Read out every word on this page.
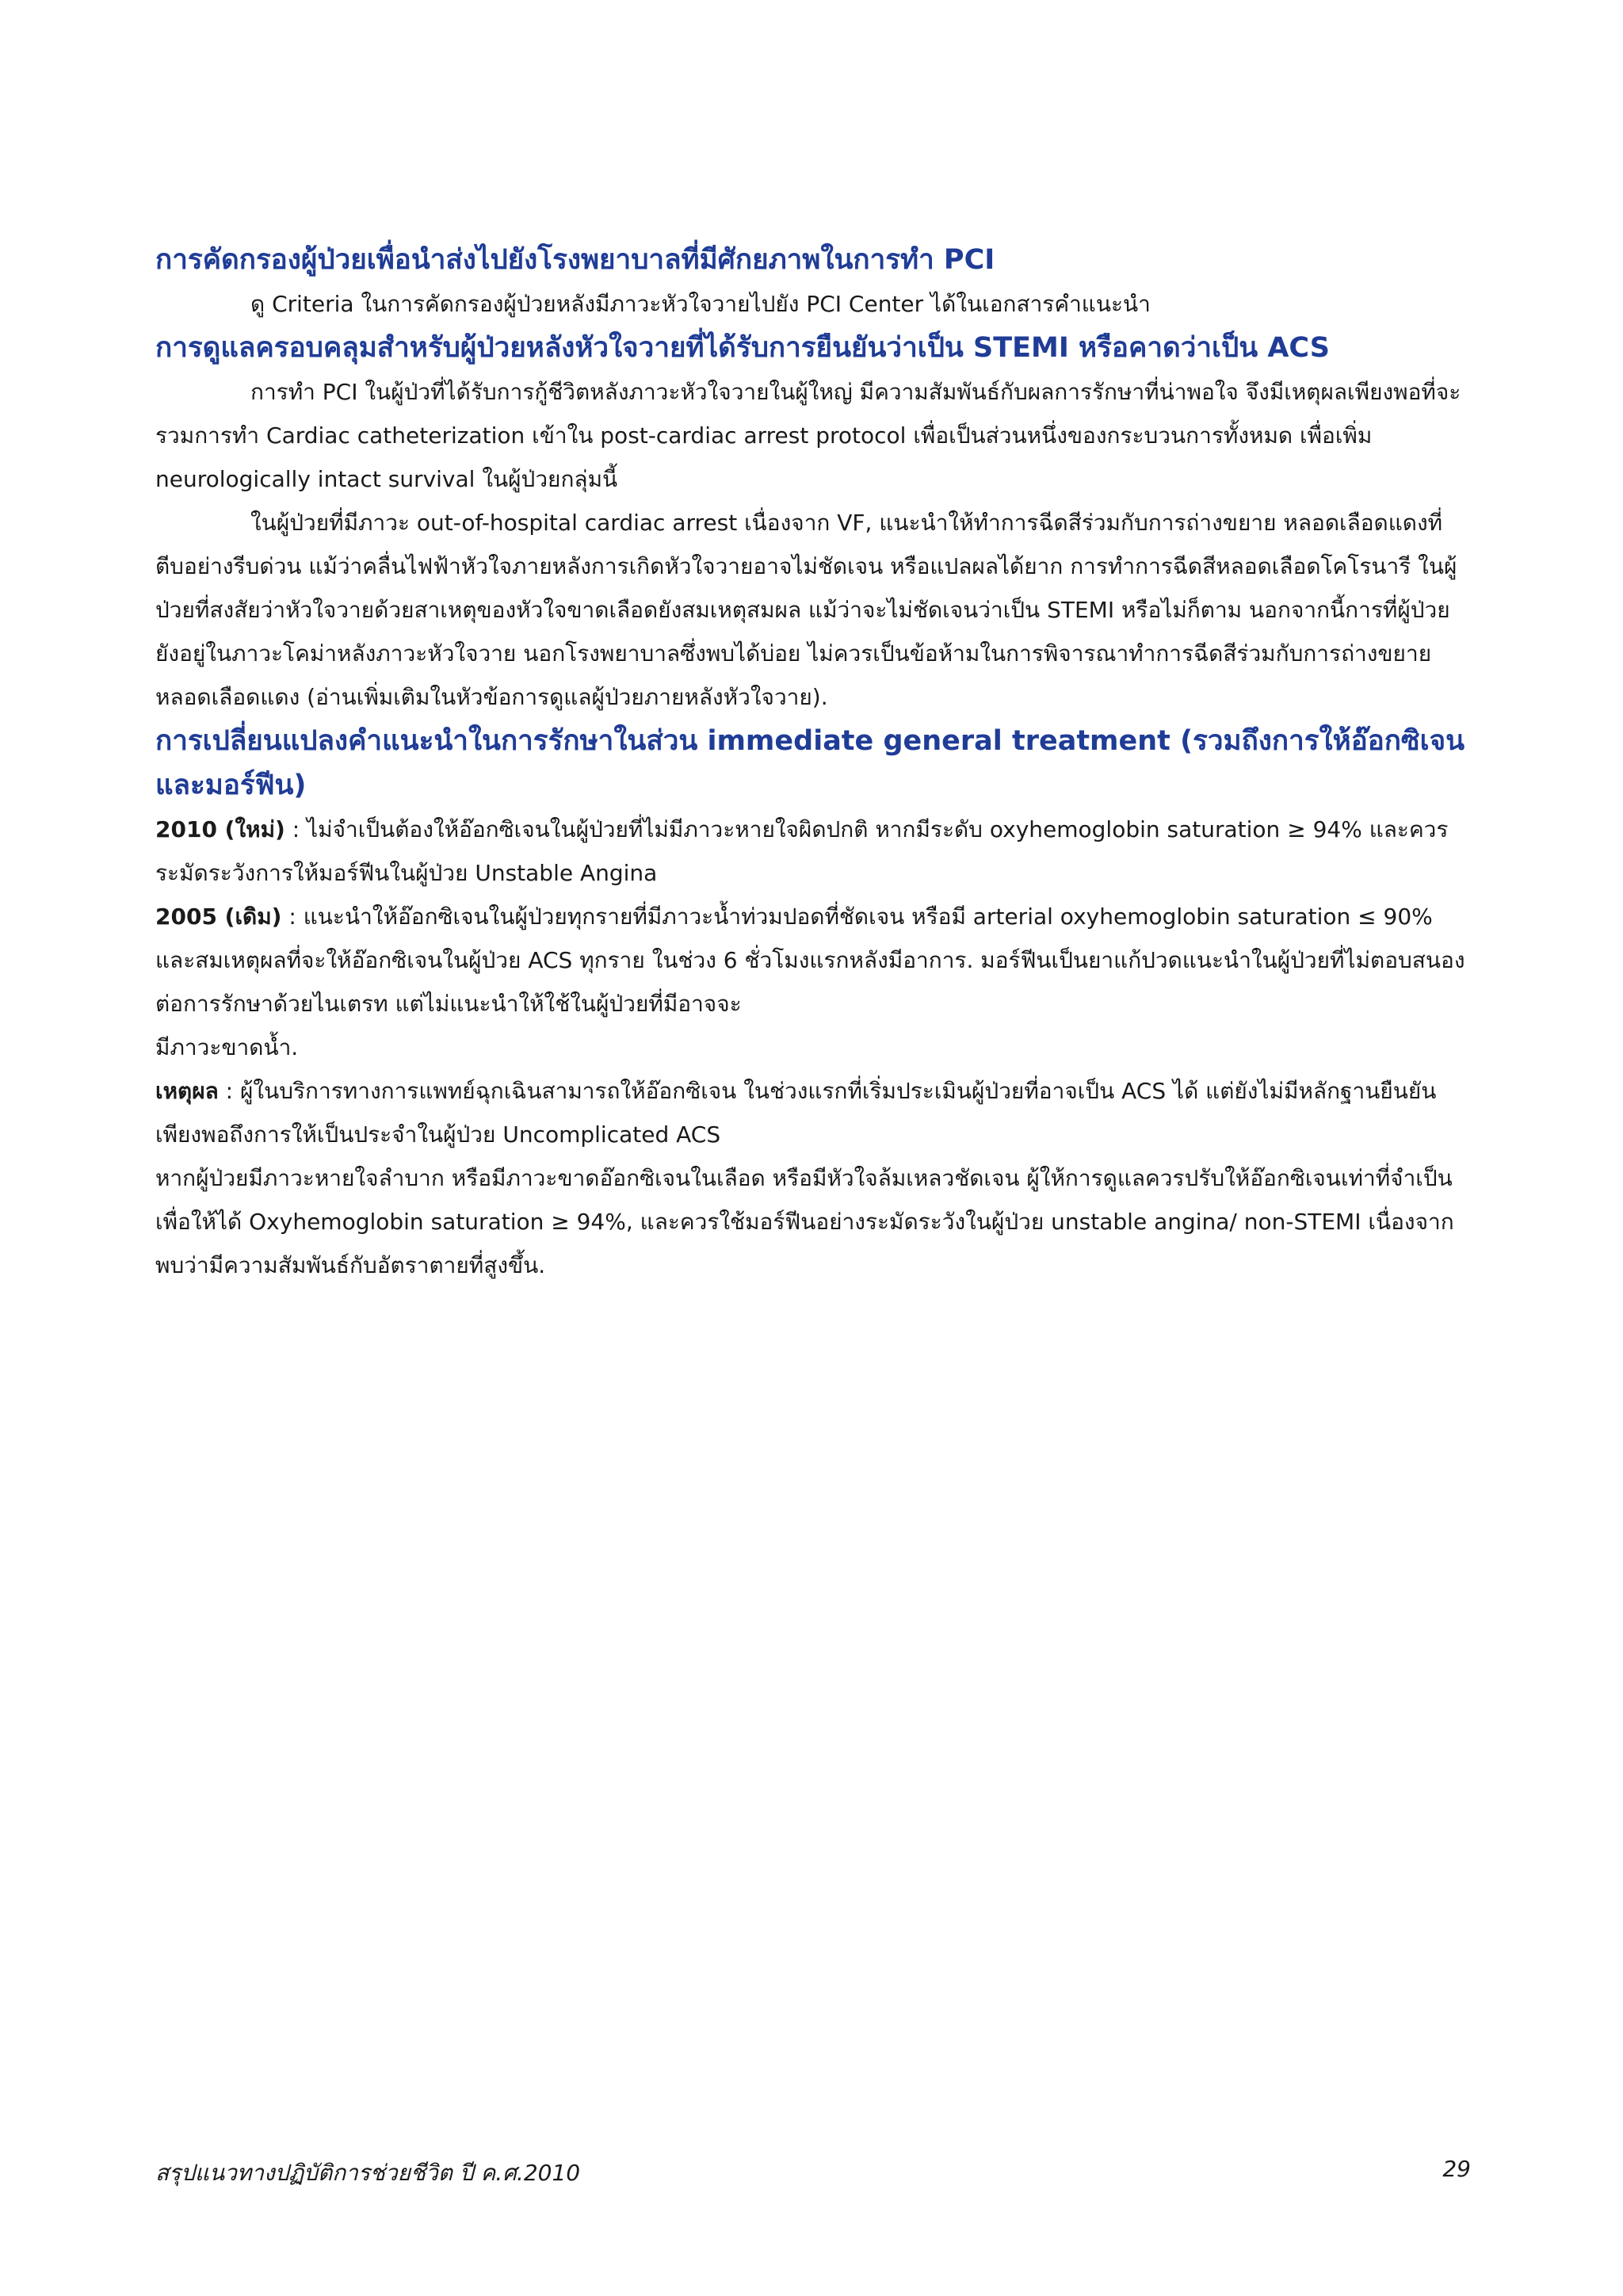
การคัดกรองผู้ป่วยเพื่อนำส่งไปยังโรงพยาบาลที่มีศักยภาพในการทำ PCI

ดู Criteria ในการคัดกรองผู้ป่วยหลังมีภาวะหัวใจวายไปยัง PCI Center ได้ในเอกสารคำแนะนำ

การดูแลครอบคลุมสำหรับผู้ป่วยหลังหัวใจวายที่ได้รับการยืนยันว่าเป็น STEMI หรือคาดว่าเป็น ACS

การทำ PCI ในผู้ป่วที่ได้รับการกู้ชีวิตหลังภาวะหัวใจวายในผู้ใหญ่ มีความสัมพันธ์กับผลการรักษาที่น่าพอใจ จึงมีเหตุผลเพียงพอที่จะรวมการทำ Cardiac catheterization เข้าใน post-cardiac arrest protocol เพื่อเป็นส่วนหนึ่งของกระบวนการทั้งหมด เพื่อเพิ่ม neurologically intact survival ในผู้ป่วยกลุ่มนี้

ในผู้ป่วยที่มีภาวะ out-of-hospital cardiac arrest เนื่องจาก VF, แนะนำให้ทำการฉีดสีร่วมกับการถ่างขยาย หลอดเลือดแดงที่ตีบอย่างรีบด่วน แม้ว่าคลื่นไฟฟ้าหัวใจภายหลังการเกิดหัวใจวายอาจไม่ชัดเจน หรือแปลผลได้ยาก การทำการฉีดสีหลอดเลือดโคโรนารี ในผู้ป่วยที่สงสัยว่าหัวใจวายด้วยสาเหตุของหัวใจขาดเลือดยังสมเหตุสมผล แม้ว่าจะไม่ชัดเจนว่าเป็น STEMI หรือไม่ก็ตาม นอกจากนี้การที่ผู้ป่วยยังอยู่ในภาวะโคม่าหลังภาวะหัวใจวาย นอกโรงพยาบาลซึ่งพบได้บ่อย ไม่ควรเป็นข้อห้ามในการพิจารณาทำการฉีดสีร่วมกับการถ่างขยายหลอดเลือดแดง (อ่านเพิ่มเติมในหัวข้อการดูแลผู้ป่วยภายหลังหัวใจวาย).

การเปลี่ยนแปลงคำแนะนำในการรักษาในส่วน immediate general treatment (รวมถึงการให้อ๊อกซิเจนและมอร์ฟีน)

2010 (ใหม่) : ไม่จำเป็นต้องให้อ๊อกซิเจนในผู้ป่วยที่ไม่มีภาวะหายใจผิดปกติ หากมีระดับ oxyhemoglobin saturation ≥ 94% และควรระมัดระวังการให้มอร์ฟีนในผู้ป่วย Unstable Angina

2005 (เดิม) : แนะนำให้อ๊อกซิเจนในผู้ป่วยทุกรายที่มีภาวะน้ำท่วมปอดที่ชัดเจน หรือมี arterial oxyhemoglobin saturation ≤ 90% และสมเหตุผลที่จะให้อ๊อกซิเจนในผู้ป่วย ACS ทุกราย ในช่วง 6 ชั่วโมงแรกหลังมีอาการ. มอร์ฟีนเป็นยาแก้ปวดแนะนำในผู้ป่วยที่ไม่ตอบสนองต่อการรักษาด้วยไนเตรท แต่ไม่แนะนำให้ใช้ในผู้ป่วยที่มีอาจจะ

มีภาวะขาดน้ำ.

เหตุผล : ผู้ในบริการทางการแพทย์ฉุกเฉินสามารถให้อ๊อกซิเจน ในช่วงแรกที่เริ่มประเมินผู้ป่วยที่อาจเป็น ACS ได้ แต่ยังไม่มีหลักฐานยืนยันเพียงพอถึงการให้เป็นประจำในผู้ป่วย Uncomplicated ACS

หากผู้ป่วยมีภาวะหายใจลำบาก หรือมีภาวะขาดอ๊อกซิเจนในเลือด หรือมีหัวใจล้มเหลวชัดเจน ผู้ให้การดูแลควรปรับให้อ๊อกซิเจนเท่าที่จำเป็นเพื่อให้ได้ Oxyhemoglobin saturation ≥ 94%, และควรใช้มอร์ฟีนอย่างระมัดระวังในผู้ป่วย unstable angina/ non-STEMI เนื่องจากพบว่ามีความสัมพันธ์กับอัตราตายที่สูงขึ้น.

สรุปแนวทางปฏิบัติการช่วยชีวิต ปี ค.ศ.2010	29
